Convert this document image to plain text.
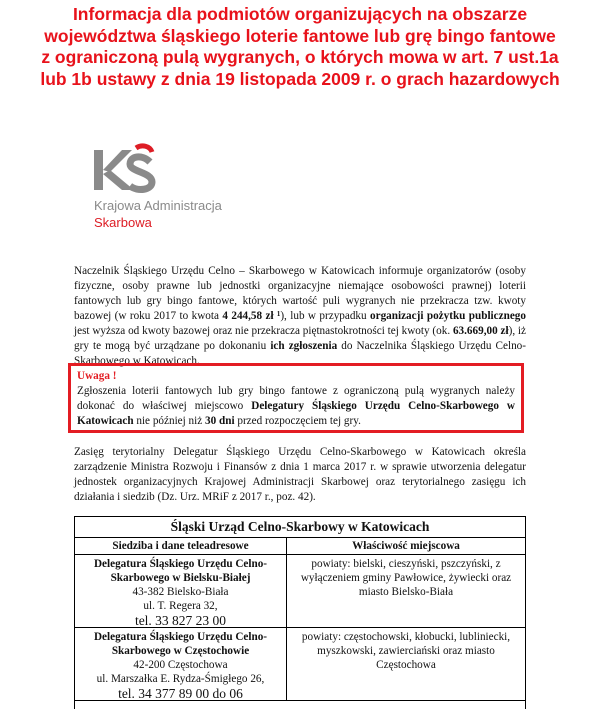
Informacja dla podmiotów organizujących na obszarze województwa śląskiego loterie fantowe lub grę bingo fantowe z ograniczoną pulą wygranych, o których mowa w art. 7 ust.1a lub 1b ustawy z dnia 19 listopada 2009 r. o grach hazardowych
Krajowa Administracja
Skarbowa
Naczelnik Śląskiego Urzędu Celno – Skarbowego w Katowicach informuje organizatorów (osoby fizyczne, osoby prawne lub jednostki organizacyjne niemające osobowości prawnej) loterii fantowych lub gry bingo fantowe, których wartość puli wygranych nie przekracza tzw. kwoty bazowej (w roku 2017 to kwota 4 244,58 zł ¹), lub w przypadku organizacji pożytku publicznego jest wyższa od kwoty bazowej oraz nie przekracza piętnastokrotności tej kwoty (ok. 63.669,00 zł), iż gry te mogą być urządzane po dokonaniu ich zgłoszenia do Naczelnika Śląskiego Urzędu Celno- Skarbowego w Katowicach.
Uwaga !
Zgłoszenia loterii fantowych lub gry bingo fantowe z ograniczoną pulą wygranych należy dokonać do właściwej miejscowo Delegatury Śląskiego Urzędu Celno-Skarbowego w Katowicach nie później niż 30 dni przed rozpoczęciem tej gry.
Zasięg terytorialny Delegatur Śląskiego Urzędu Celno-Skarbowego w Katowicach określa zarządzenie Ministra Rozwoju i Finansów z dnia 1 marca 2017 r. w sprawie utworzenia delegatur jednostek organizacyjnych Krajowej Administracji Skarbowej oraz terytorialnego zasięgu ich działania i siedzib (Dz. Urz. MRiF z 2017 r., poz. 42).
Śląski Urząd Celno-Skarbowy w Katowicach
Siedziba i dane teleadresowe	Właściwość miejscowa
Delegatura Śląskiego Urzędu Celno-Skarbowego w Bielsku-Białej
43-382 Bielsko-Biała
ul. T. Regera 32,
tel. 33 827 23 00
powiaty: bielski, cieszyński, pszczyński, z wyłączeniem gminy Pawłowice, żywiecki oraz miasto Bielsko-Biała
Delegatura Śląskiego Urzędu Celno-Skarbowego w Częstochowie
42-200 Częstochowa
ul. Marszałka E. Rydza-Śmigłego 26,
tel. 34 377 89 00 do 06
powiaty: częstochowski, kłobucki, lubliniecki, myszkowski, zawierciański oraz miasto Częstochowa
